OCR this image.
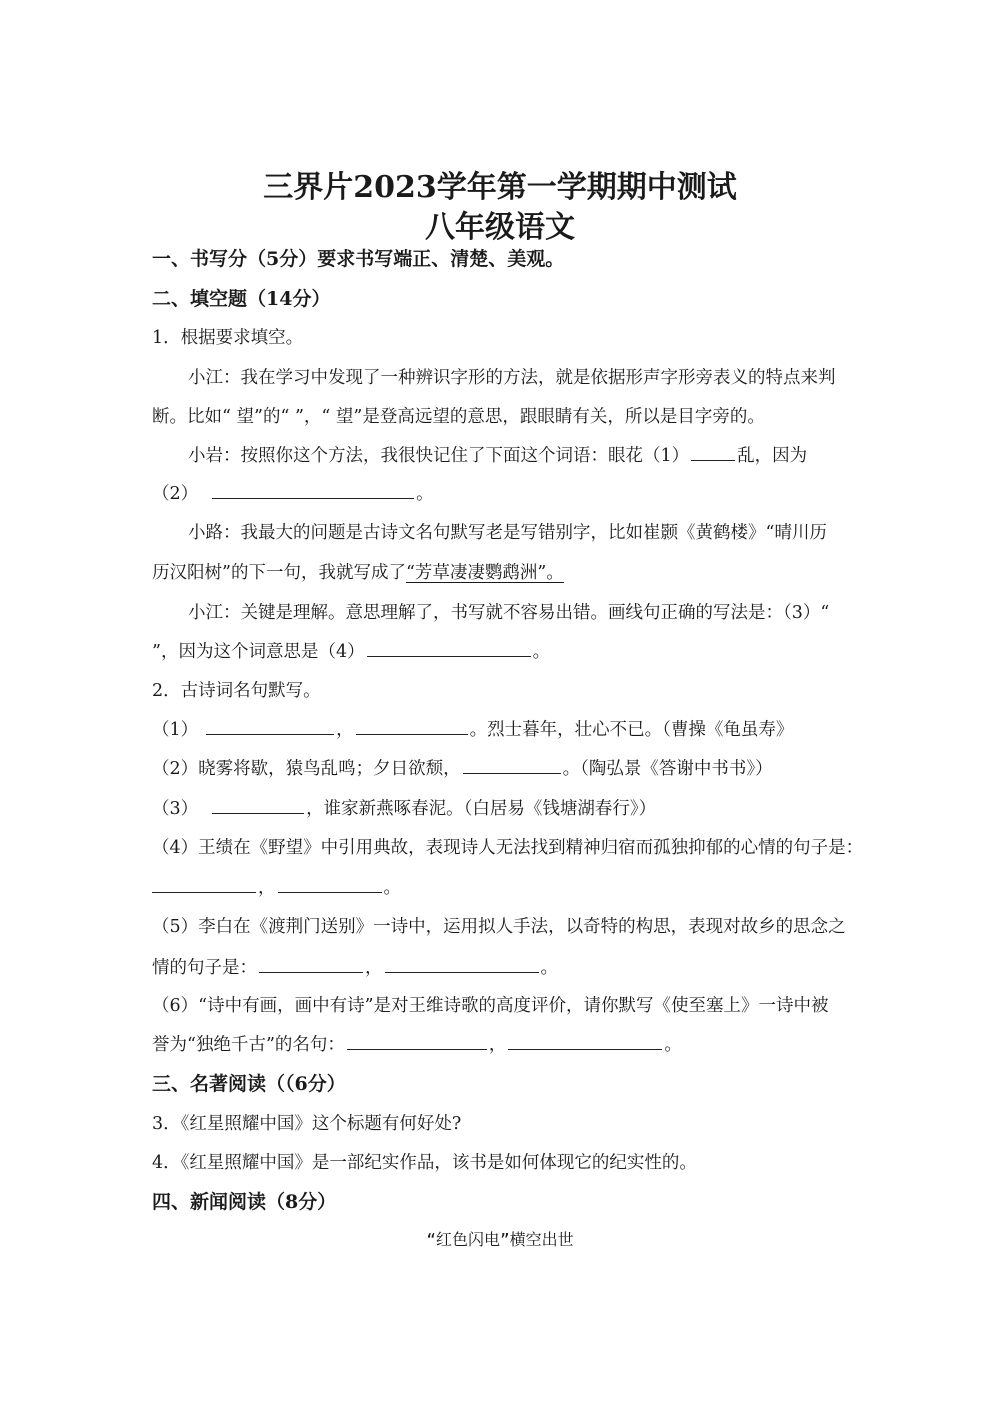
三界片2023学年第一学期期中测试
八年级语文
一、书写分（5分）要求书写端正、清楚、美观。
二、填空题（14分）
1．根据要求填空。
小江：我在学习中发现了一种辨识字形的方法，就是依据形声字形旁表义的特点来判
断。比如“ 望”的“ ”，“ 望”是登高远望的意思，跟眼睛有关，所以是目字旁的。
小岩：按照你这个方法，我很快记住了下面这个词语：眼花（1）	乱，因为
（2）	。
小路：我最大的问题是古诗文名句默写老是写错别字，比如崔颢《黄鹤楼》“晴川历
历汉阳树”的下一句，我就写成了“芳草凄凄鹦鹉洲”。
小江：关键是理解。意思理解了，书写就不容易出错。画线句正确的写法是：（3）“
”，因为这个词意思是（4）	。
2．古诗词名句默写。
（1）	，	。烈士暮年，壮心不已。（曹操《龟虽寿》
（2）晓雾将歇，猿鸟乱鸣；夕日欲颓，	。（陶弘景《答谢中书书》）
（3）	，谁家新燕啄春泥。（白居易《钱塘湖春行》）
（4）王绩在《野望》中引用典故，表现诗人无法找到精神归宿而孤独抑郁的心情的句子是：
，	。
（5）李白在《渡荆门送别》一诗中，运用拟人手法，以奇特的构思，表现对故乡的思念之
情的句子是：	，	。
（6）“诗中有画，画中有诗”是对王维诗歌的高度评价，请你默写《使至塞上》一诗中被
誉为“独绝千古”的名句：	，	。
三、名著阅读（（6分）
3．《红星照耀中国》这个标题有何好处?
4．《红星照耀中国》是一部纪实作品，该书是如何体现它的纪实性的。
四、新闻阅读（8分）
“红色闪电”横空出世
